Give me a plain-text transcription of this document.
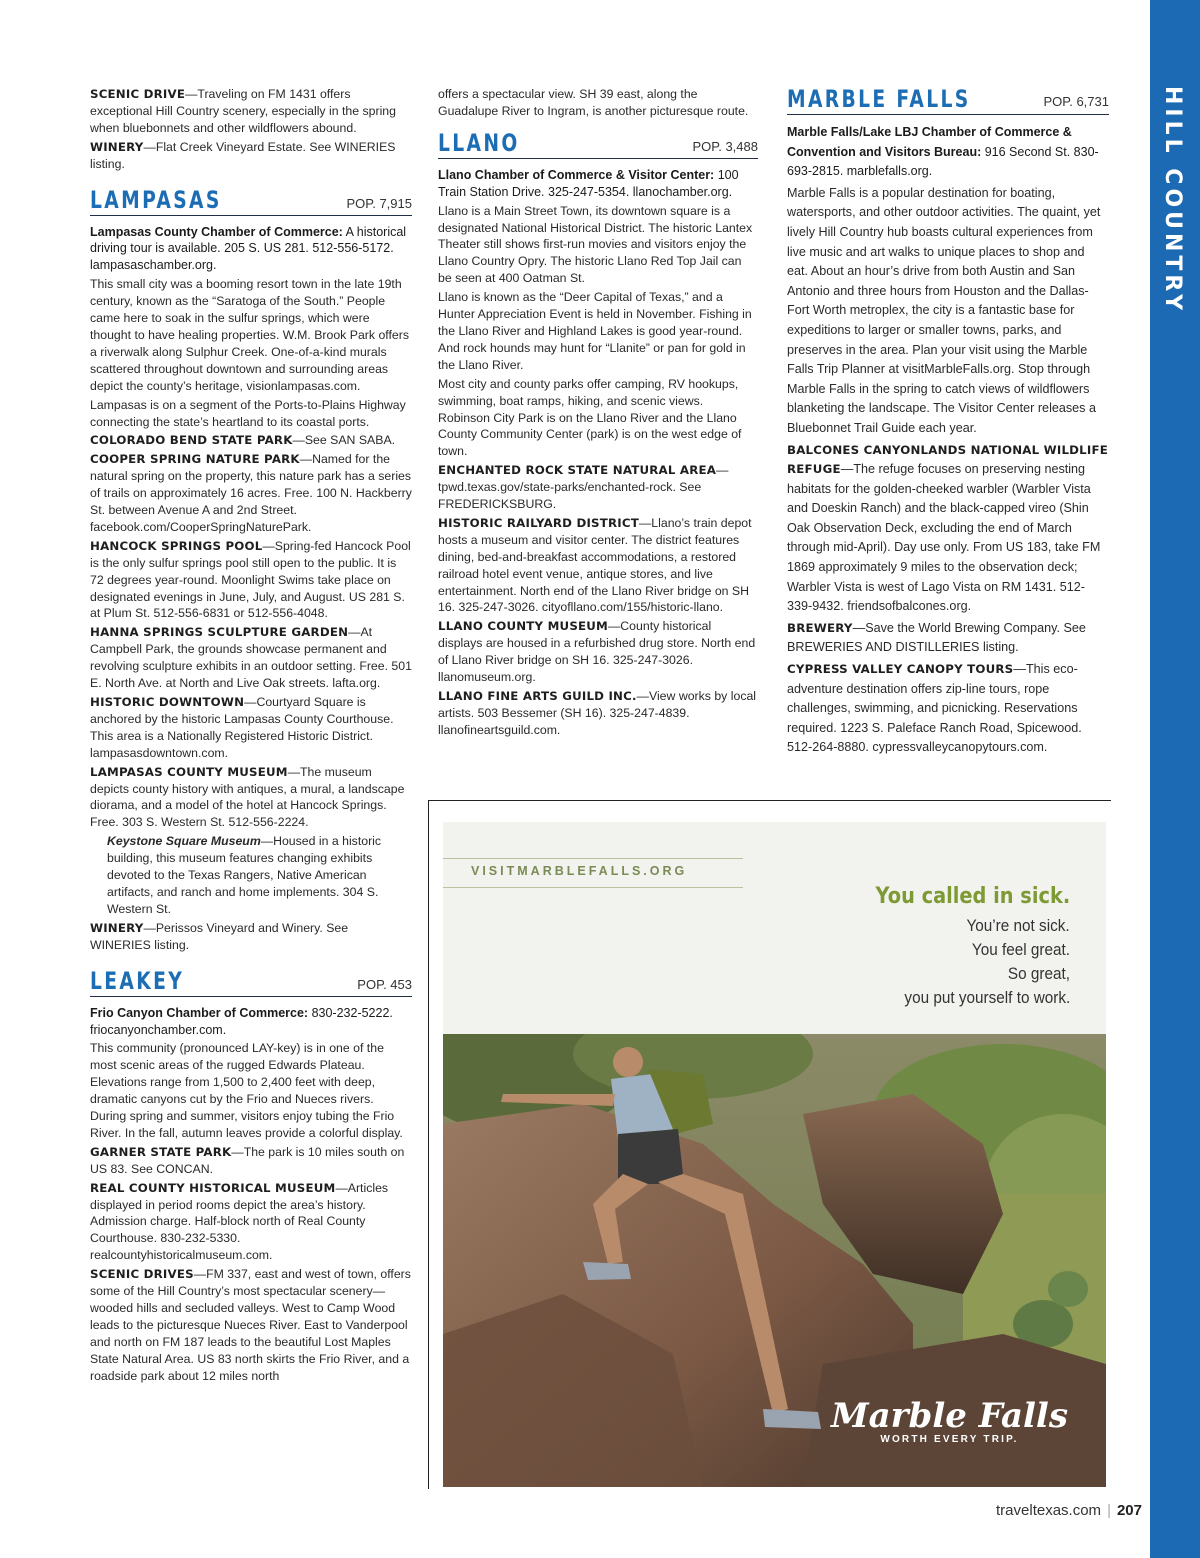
HILL COUNTRY

SCENIC DRIVE—Traveling on FM 1431 offers exceptional Hill Country scenery, especially in the spring when bluebonnets and other wildflowers abound.

WINERY—Flat Creek Vineyard Estate. See WINERIES listing.

LAMPASAS	POP. 7,915

Lampasas County Chamber of Commerce: A historical driving tour is available. 205 S. US 281. 512-556-5172. lampasaschamber.org.

This small city was a booming resort town in the late 19th century, known as the “Saratoga of the South.” People came here to soak in the sulfur springs, which were thought to have healing properties. W.M. Brook Park offers a riverwalk along Sulphur Creek. One-of-a-kind murals scattered throughout downtown and surrounding areas depict the county’s heritage, visionlampasas.com.

Lampasas is on a segment of the Ports-to-Plains Highway connecting the state’s heartland to its coastal ports.

COLORADO BEND STATE PARK—See SAN SABA.

COOPER SPRING NATURE PARK—Named for the natural spring on the property, this nature park has a series of trails on approximately 16 acres. Free. 100 N. Hackberry St. between Avenue A and 2nd Street. facebook.com/CooperSpringNaturePark.

HANCOCK SPRINGS POOL—Spring-fed Hancock Pool is the only sulfur springs pool still open to the public. It is 72 degrees year-round. Moonlight Swims take place on designated evenings in June, July, and August. US 281 S. at Plum St. 512-556-6831 or 512-556-4048.

HANNA SPRINGS SCULPTURE GARDEN—At Campbell Park, the grounds showcase permanent and revolving sculpture exhibits in an outdoor setting. Free. 501 E. North Ave. at North and Live Oak streets. lafta.org.

HISTORIC DOWNTOWN—Courtyard Square is anchored by the historic Lampasas County Courthouse. This area is a Nationally Registered Historic District. lampasasdowntown.com.

LAMPASAS COUNTY MUSEUM—The museum depicts county history with antiques, a mural, a landscape diorama, and a model of the hotel at Hancock Springs. Free. 303 S. Western St. 512-556-2224.

Keystone Square Museum—Housed in a historic building, this museum features changing exhibits devoted to the Texas Rangers, Native American artifacts, and ranch and home implements. 304 S. Western St.

WINERY—Perissos Vineyard and Winery. See WINERIES listing.

LEAKEY	POP. 453

Frio Canyon Chamber of Commerce: 830-232-5222. friocanyonchamber.com.

This community (pronounced LAY-key) is in one of the most scenic areas of the rugged Edwards Plateau. Elevations range from 1,500 to 2,400 feet with deep, dramatic canyons cut by the Frio and Nueces rivers. During spring and summer, visitors enjoy tubing the Frio River. In the fall, autumn leaves provide a colorful display.

GARNER STATE PARK—The park is 10 miles south on US 83. See CONCAN.

REAL COUNTY HISTORICAL MUSEUM—Articles displayed in period rooms depict the area’s history. Admission charge. Half-block north of Real County Courthouse. 830-232-5330. realcountyhistoricalmuseum.com.

SCENIC DRIVES—FM 337, east and west of town, offers some of the Hill Country’s most spectacular scenery—wooded hills and secluded valleys. West to Camp Wood leads to the picturesque Nueces River. East to Vanderpool and north on FM 187 leads to the beautiful Lost Maples State Natural Area. US 83 north skirts the Frio River, and a roadside park about 12 miles north

offers a spectacular view. SH 39 east, along the Guadalupe River to Ingram, is another picturesque route.

LLANO	POP. 3,488

Llano Chamber of Commerce & Visitor Center: 100 Train Station Drive. 325-247-5354. llanochamber.org.

Llano is a Main Street Town, its downtown square is a designated National Historical District. The historic Lantex Theater still shows first-run movies and visitors enjoy the Llano Country Opry. The historic Llano Red Top Jail can be seen at 400 Oatman St.

Llano is known as the “Deer Capital of Texas,” and a Hunter Appreciation Event is held in November. Fishing in the Llano River and Highland Lakes is good year-round. And rock hounds may hunt for “Llanite” or pan for gold in the Llano River.

Most city and county parks offer camping, RV hookups, swimming, boat ramps, hiking, and scenic views. Robinson City Park is on the Llano River and the Llano County Community Center (park) is on the west edge of town.

ENCHANTED ROCK STATE NATURAL AREA—tpwd.texas.gov/state-parks/enchanted-rock. See FREDERICKSBURG.

HISTORIC RAILYARD DISTRICT—Llano’s train depot hosts a museum and visitor center. The district features dining, bed-and-breakfast accommodations, a restored railroad hotel event venue, antique stores, and live entertainment. North end of the Llano River bridge on SH 16. 325-247-3026. cityofllano.com/155/historic-llano.

LLANO COUNTY MUSEUM—County historical displays are housed in a refurbished drug store. North end of Llano River bridge on SH 16. 325-247-3026. llanomuseum.org.

LLANO FINE ARTS GUILD INC.—View works by local artists. 503 Bessemer (SH 16). 325-247-4839. llanofineartsguild.com.

MARBLE FALLS	POP. 6,731

Marble Falls/Lake LBJ Chamber of Commerce & Convention and Visitors Bureau: 916 Second St. 830-693-2815. marblefalls.org.

Marble Falls is a popular destination for boating, watersports, and other outdoor activities. The quaint, yet lively Hill Country hub boasts cultural experiences from live music and art walks to unique places to shop and eat. About an hour’s drive from both Austin and San Antonio and three hours from Houston and the Dallas-Fort Worth metroplex, the city is a fantastic base for expeditions to larger or smaller towns, parks, and preserves in the area. Plan your visit using the Marble Falls Trip Planner at visitMarbleFalls.org. Stop through Marble Falls in the spring to catch views of wildflowers blanketing the landscape. The Visitor Center releases a Bluebonnet Trail Guide each year.

BALCONES CANYONLANDS NATIONAL WILDLIFE REFUGE—The refuge focuses on preserving nesting habitats for the golden-cheeked warbler (Warbler Vista and Doeskin Ranch) and the black-capped vireo (Shin Oak Observation Deck, excluding the end of March through mid-April). Day use only. From US 183, take FM 1869 approximately 9 miles to the observation deck; Warbler Vista is west of Lago Vista on RM 1431. 512-339-9432. friendsofbalcones.org.

BREWERY—Save the World Brewing Company. See BREWERIES AND DISTILLERIES listing.

CYPRESS VALLEY CANOPY TOURS—This eco-adventure destination offers zip-line tours, rope challenges, swimming, and picnicking. Reservations required. 1223 S. Paleface Ranch Road, Spicewood. 512-264-8880. cypressvalleycanopytours.com.

VISITMARBLEFALLS.ORG
You called in sick.
You’re not sick.
You feel great.
So great,
you put yourself to work.
Marble Falls
WORTH EVERY TRIP.
traveltexas.com | 207
